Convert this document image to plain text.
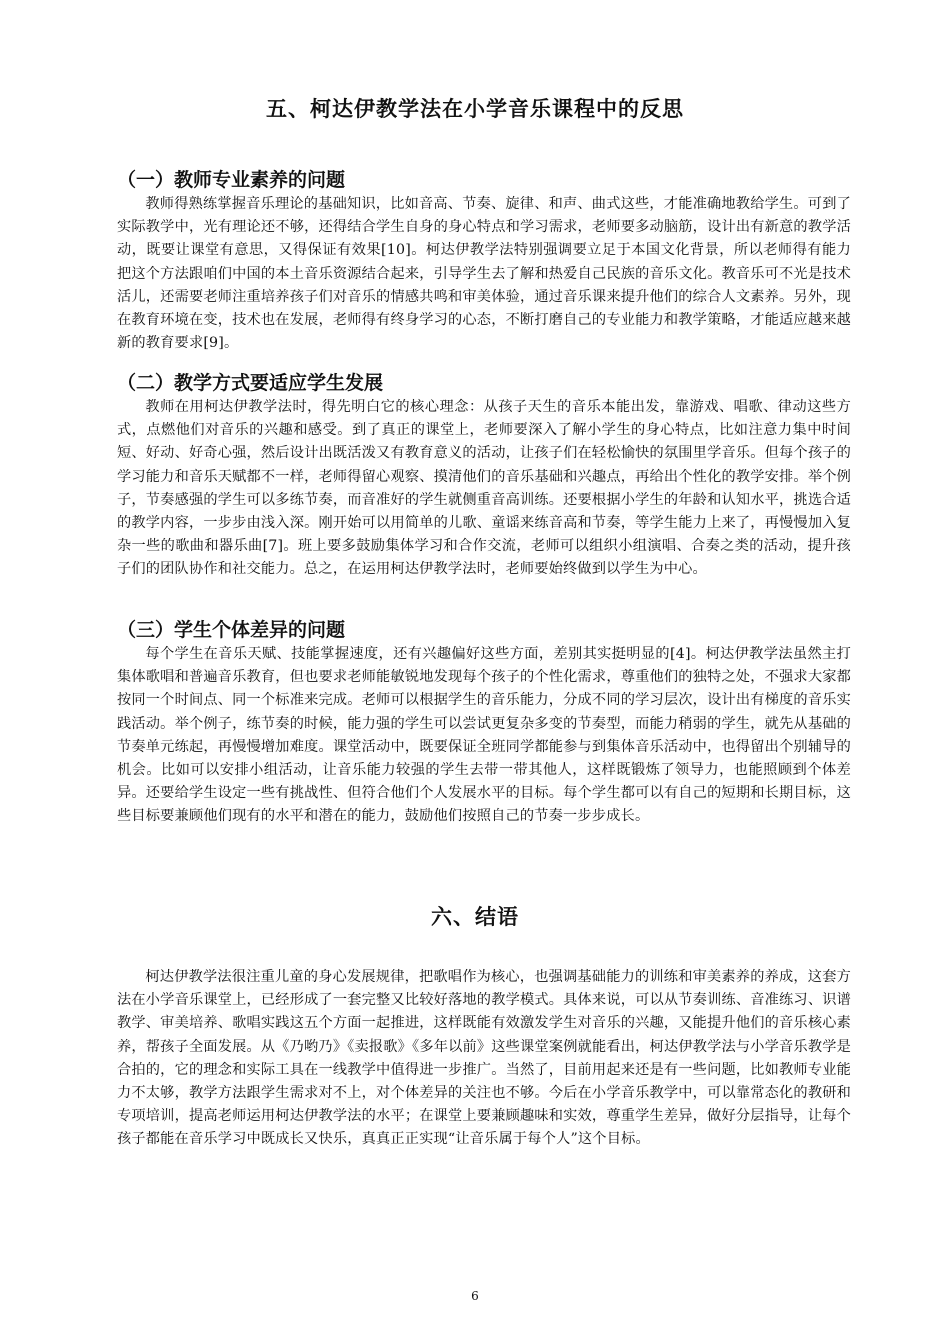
五、柯达伊教学法在小学音乐课程中的反思
（一）教师专业素养的问题

教师得熟练掌握音乐理论的基础知识，比如音高、节奏、旋律、和声、曲式这些，才能准确地教给学生。可到了实际教学中，光有理论还不够，还得结合学生自身的身心特点和学习需求，老师要多动脑筋，设计出有新意的教学活动，既要让课堂有意思，又得保证有效果[10]。柯达伊教学法特别强调要立足于本国文化背景，所以老师得有能力把这个方法跟咱们中国的本土音乐资源结合起来，引导学生去了解和热爱自己民族的音乐文化。教音乐可不光是技术活儿，还需要老师注重培养孩子们对音乐的情感共鸣和审美体验，通过音乐课来提升他们的综合人文素养。另外，现在教育环境在变，技术也在发展，老师得有终身学习的心态，不断打磨自己的专业能力和教学策略，才能适应越来越新的教育要求[9]。

（二）教学方式要适应学生发展

教师在用柯达伊教学法时，得先明白它的核心理念：从孩子天生的音乐本能出发，靠游戏、唱歌、律动这些方式，点燃他们对音乐的兴趣和感受。到了真正的课堂上，老师要深入了解小学生的身心特点，比如注意力集中时间短、好动、好奇心强，然后设计出既活泼又有教育意义的活动，让孩子们在轻松愉快的氛围里学音乐。但每个孩子的学习能力和音乐天赋都不一样，老师得留心观察、摸清他们的音乐基础和兴趣点，再给出个性化的教学安排。举个例子，节奏感强的学生可以多练节奏，而音准好的学生就侧重音高训练。还要根据小学生的年龄和认知水平，挑选合适的教学内容，一步步由浅入深。刚开始可以用简单的儿歌、童谣来练音高和节奏，等学生能力上来了，再慢慢加入复杂一些的歌曲和器乐曲[7]。班上要多鼓励集体学习和合作交流，老师可以组织小组演唱、合奏之类的活动，提升孩子们的团队协作和社交能力。总之，在运用柯达伊教学法时，老师要始终做到以学生为中心。

（三）学生个体差异的问题

每个学生在音乐天赋、技能掌握速度，还有兴趣偏好这些方面，差别其实挺明显的[4]。柯达伊教学法虽然主打集体歌唱和普遍音乐教育，但也要求老师能敏锐地发现每个孩子的个性化需求，尊重他们的独特之处，不强求大家都按同一个时间点、同一个标准来完成。老师可以根据学生的音乐能力，分成不同的学习层次，设计出有梯度的音乐实践活动。举个例子，练节奏的时候，能力强的学生可以尝试更复杂多变的节奏型，而能力稍弱的学生，就先从基础的节奏单元练起，再慢慢增加难度。课堂活动中，既要保证全班同学都能参与到集体音乐活动中，也得留出个别辅导的机会。比如可以安排小组活动，让音乐能力较强的学生去带一带其他人，这样既锻炼了领导力，也能照顾到个体差异。还要给学生设定一些有挑战性、但符合他们个人发展水平的目标。每个学生都可以有自己的短期和长期目标，这些目标要兼顾他们现有的水平和潜在的能力，鼓励他们按照自己的节奏一步步成长。

六、结语

柯达伊教学法很注重儿童的身心发展规律，把歌唱作为核心，也强调基础能力的训练和审美素养的养成，这套方法在小学音乐课堂上，已经形成了一套完整又比较好落地的教学模式。具体来说，可以从节奏训练、音准练习、识谱教学、审美培养、歌唱实践这五个方面一起推进，这样既能有效激发学生对音乐的兴趣，又能提升他们的音乐核心素养，帮孩子全面发展。从《乃哟乃》《卖报歌》《多年以前》这些课堂案例就能看出，柯达伊教学法与小学音乐教学是合拍的，它的理念和实际工具在一线教学中值得进一步推广。当然了，目前用起来还是有一些问题，比如教师专业能力不太够，教学方法跟学生需求对不上，对个体差异的关注也不够。今后在小学音乐教学中，可以靠常态化的教研和专项培训，提高老师运用柯达伊教学法的水平；在课堂上要兼顾趣味和实效，尊重学生差异，做好分层指导，让每个孩子都能在音乐学习中既成长又快乐，真真正正实现“让音乐属于每个人”这个目标。

6
